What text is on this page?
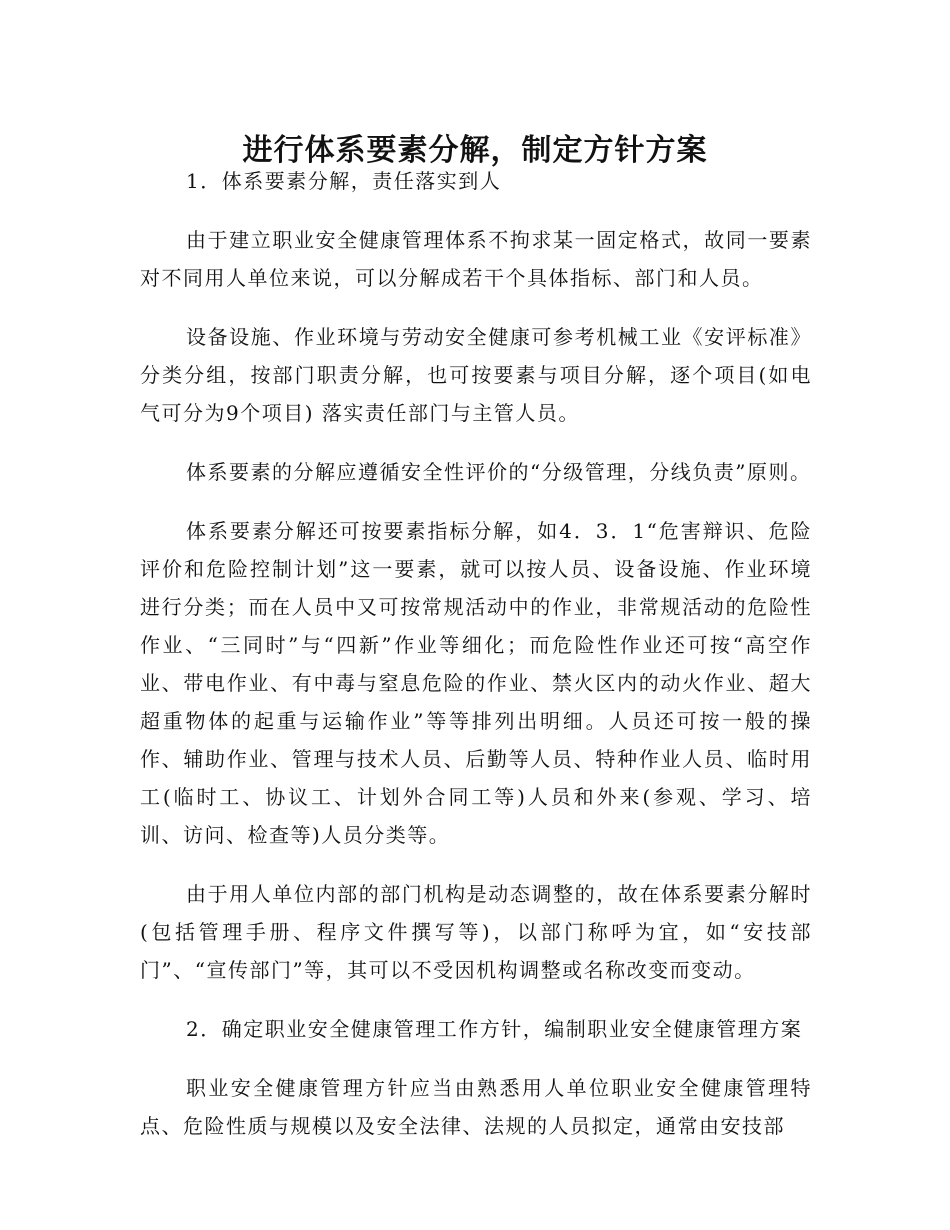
进行体系要素分解，制定方针方案

1．体系要素分解，责任落实到人

由于建立职业安全健康管理体系不拘求某一固定格式，故同一要素对不同用人单位来说，可以分解成若干个具体指标、部门和人员。

设备设施、作业环境与劳动安全健康可参考机械工业《安评标准》分类分组，按部门职责分解，也可按要素与项目分解，逐个项目(如电气可分为9个项目) 落实责任部门与主管人员。

体系要素的分解应遵循安全性评价的“分级管理，分线负责”原则。

体系要素分解还可按要素指标分解，如4．3．1“危害辩识、危险评价和危险控制计划”这一要素，就可以按人员、设备设施、作业环境进行分类；而在人员中又可按常规活动中的作业，非常规活动的危险性作业、“三同时”与“四新”作业等细化；而危险性作业还可按“高空作业、带电作业、有中毒与窒息危险的作业、禁火区内的动火作业、超大超重物体的起重与运输作业”等等排列出明细。人员还可按一般的操作、辅助作业、管理与技术人员、后勤等人员、特种作业人员、临时用工(临时工、协议工、计划外合同工等)人员和外来(参观、学习、培训、访问、检查等)人员分类等。

由于用人单位内部的部门机构是动态调整的，故在体系要素分解时(包括管理手册、程序文件撰写等)，以部门称呼为宜，如“安技部门”、“宣传部门”等，其可以不受因机构调整或名称改变而变动。

2．确定职业安全健康管理工作方针，编制职业安全健康管理方案

职业安全健康管理方针应当由熟悉用人单位职业安全健康管理特点、危险性质与规模以及安全法律、法规的人员拟定，通常由安技部
